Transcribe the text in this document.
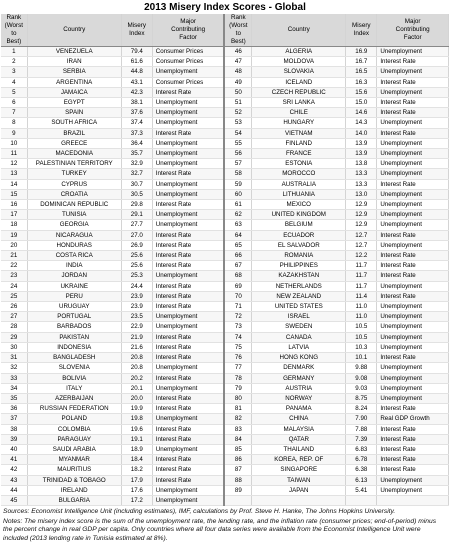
2013 Misery Index Scores - Global
Rank
(Worst to
Best)	Country	Misery
Index	Major
Contributing
Factor	Rank
(Worst to
Best)	Country	Misery
Index	Major
Contributing
Factor

1	VENEZUELA	79.4	Consumer Prices	46	ALGERIA	16.9	Unemployment
2	IRAN	61.6	Consumer Prices	47	MOLDOVA	16.7	Interest Rate
3	SERBIA	44.8	Unemployment	48	SLOVAKIA	16.5	Unemployment
4	ARGENTINA	43.1	Consumer Prices	49	ICELAND	16.3	Interest Rate
5	JAMAICA	42.3	Interest Rate	50	CZECH REPUBLIC	15.6	Unemployment
6	EGYPT	38.1	Unemployment	51	SRI LANKA	15.0	Interest Rate
7	SPAIN	37.6	Unemployment	52	CHILE	14.6	Interest Rate
8	SOUTH AFRICA	37.4	Unemployment	53	HUNGARY	14.3	Unemployment
9	BRAZIL	37.3	Interest Rate	54	VIETNAM	14.0	Interest Rate
10	GREECE	36.4	Unemployment	55	FINLAND	13.9	Unemployment
11	MACEDONIA	35.7	Unemployment	56	FRANCE	13.9	Unemployment
12	PALESTINIAN TERRITORY	32.9	Unemployment	57	ESTONIA	13.8	Unemployment
13	TURKEY	32.7	Interest Rate	58	MOROCCO	13.3	Unemployment
14	CYPRUS	30.7	Unemployment	59	AUSTRALIA	13.3	Interest Rate
15	CROATIA	30.5	Unemployment	60	LITHUANIA	13.0	Unemployment
16	DOMINICAN REPUBLIC	29.8	Interest Rate	61	MEXICO	12.9	Unemployment
17	TUNISIA	29.1	Unemployment	62	UNITED KINGDOM	12.9	Unemployment
18	GEORGIA	27.7	Unemployment	63	BELGIUM	12.9	Unemployment
19	NICARAGUA	27.0	Interest Rate	64	ECUADOR	12.7	Interest Rate
20	HONDURAS	26.9	Interest Rate	65	EL SALVADOR	12.7	Unemployment
21	COSTA RICA	25.6	Interest Rate	66	ROMANIA	12.2	Interest Rate
22	INDIA	25.6	Interest Rate	67	PHILIPPINES	11.7	Interest Rate
23	JORDAN	25.3	Unemployment	68	KAZAKHSTAN	11.7	Interest Rate
24	UKRAINE	24.4	Interest Rate	69	NETHERLANDS	11.7	Unemployment
25	PERU	23.9	Interest Rate	70	NEW ZEALAND	11.4	Interest Rate
26	URUGUAY	23.9	Interest Rate	71	UNITED STATES	11.0	Unemployment
27	PORTUGAL	23.5	Unemployment	72	ISRAEL	11.0	Unemployment
28	BARBADOS	22.9	Unemployment	73	SWEDEN	10.5	Unemployment
29	PAKISTAN	21.9	Interest Rate	74	CANADA	10.5	Unemployment
30	INDONESIA	21.6	Interest Rate	75	LATVIA	10.3	Unemployment
31	BANGLADESH	20.8	Interest Rate	76	HONG KONG	10.1	Interest Rate
32	SLOVENIA	20.8	Unemployment	77	DENMARK	9.88	Unemployment
33	BOLIVIA	20.2	Interest Rate	78	GERMANY	9.08	Unemployment
34	ITALY	20.1	Unemployment	79	AUSTRIA	9.03	Unemployment
35	AZERBAIJAN	20.0	Interest Rate	80	NORWAY	8.75	Unemployment
36	RUSSIAN FEDERATION	19.9	Interest Rate	81	PANAMA	8.24	Interest Rate
37	POLAND	19.8	Unemployment	82	CHINA	7.90	Real GDP Growth
38	COLOMBIA	19.6	Interest Rate	83	MALAYSIA	7.88	Interest Rate
39	PARAGUAY	19.1	Interest Rate	84	QATAR	7.39	Interest Rate
40	SAUDI ARABIA	18.9	Unemployment	85	THAILAND	6.83	Interest Rate
41	MYANMAR	18.4	Interest Rate	86	KOREA, REP. OF	6.78	Interest Rate
42	MAURITIUS	18.2	Interest Rate	87	SINGAPORE	6.38	Interest Rate
43	TRINIDAD & TOBAGO	17.9	Interest Rate	88	TAIWAN	6.13	Unemployment
44	IRELAND	17.6	Unemployment	89	JAPAN	5.41	Unemployment
45	BULGARIA	17.2	Unemployment				

Sources: Economist Intelligence Unit (including estimates), IMF, calculations by Prof. Steve H. Hanke, The Johns Hopkins University.

Notes: The misery index score is the sum of the unemployment rate, the lending rate, and the inflation rate (consumer prices; end-of-period) minus the percent change in real GDP per capita. Only countries where all four data series were available from the Economist Intelligence Unit were included (2013 lending rate in Tunisia estimated at 8%).
